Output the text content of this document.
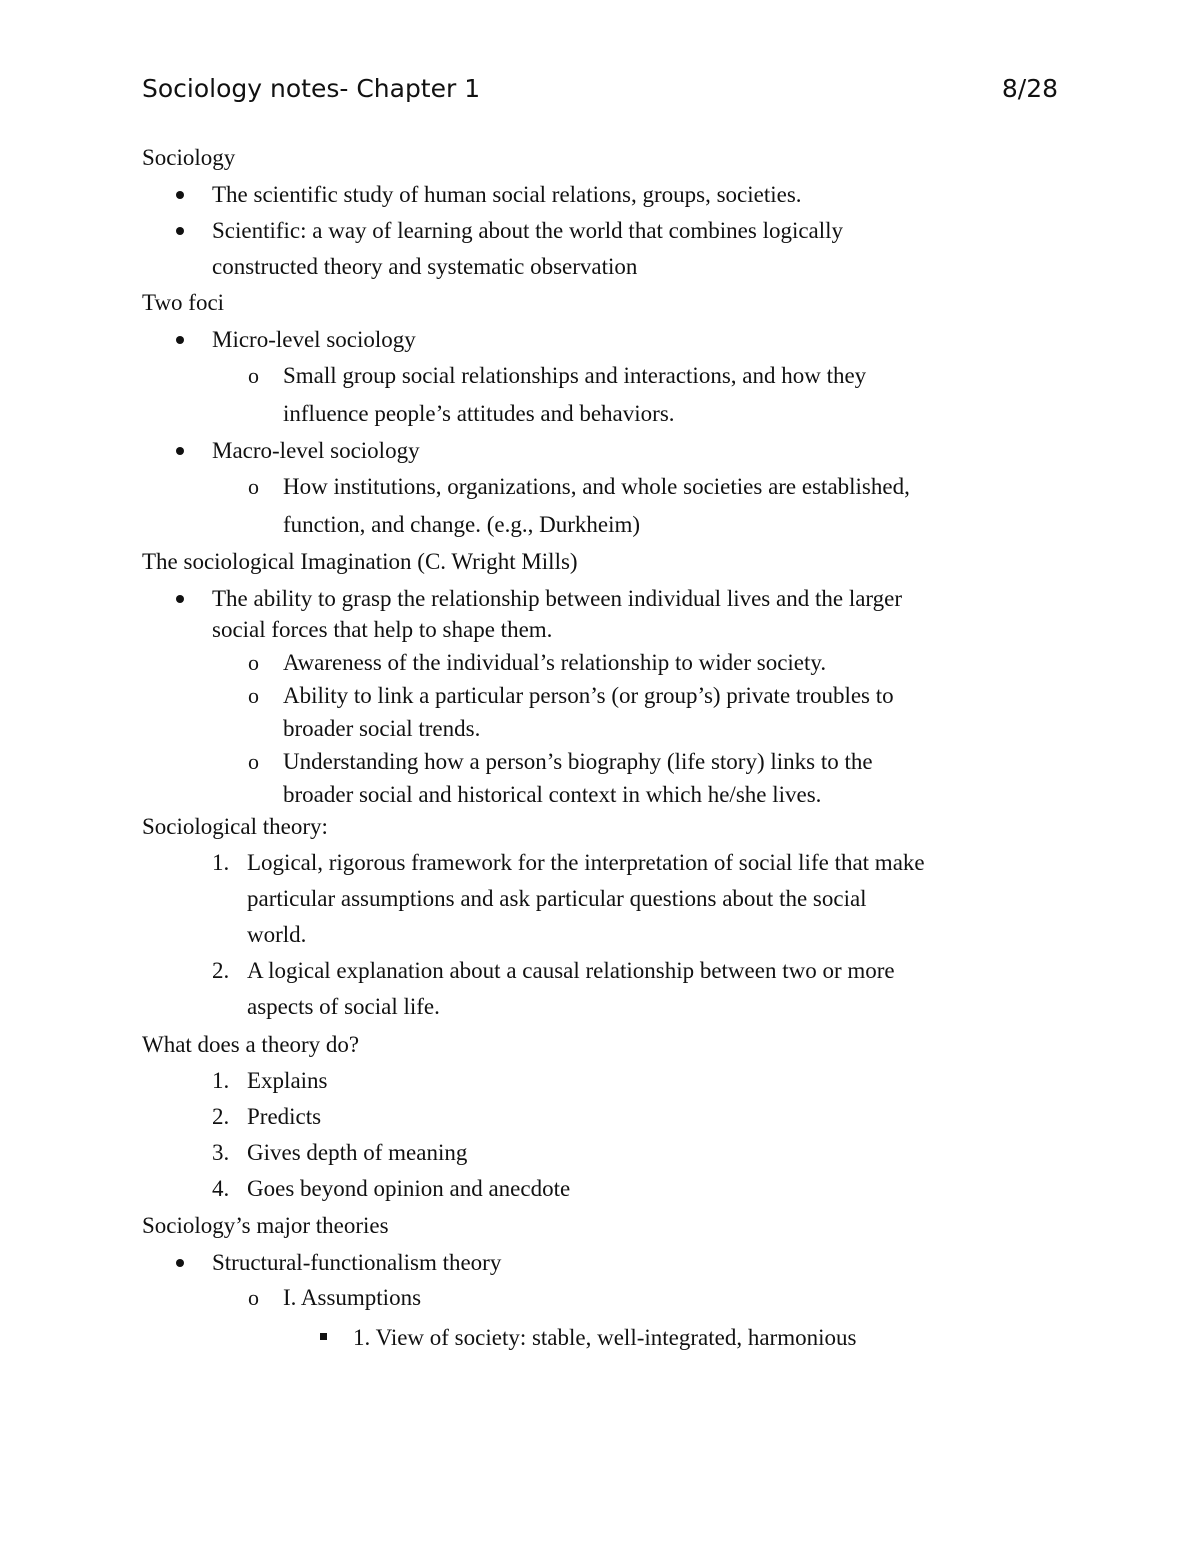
Sociology notes- Chapter 1	8/28
Sociology
The scientific study of human social relations, groups, societies.
Scientific: a way of learning about the world that combines logically
constructed theory and systematic observation
Two foci
Micro-level sociology
o Small group social relationships and interactions, and how they
influence people’s attitudes and behaviors.
Macro-level sociology
o How institutions, organizations, and whole societies are established,
function, and change. (e.g., Durkheim)
The sociological Imagination (C. Wright Mills)
The ability to grasp the relationship between individual lives and the larger
social forces that help to shape them.
o Awareness of the individual’s relationship to wider society.
o Ability to link a particular person’s (or group’s) private troubles to
broader social trends.
o Understanding how a person’s biography (life story) links to the
broader social and historical context in which he/she lives.
Sociological theory:
1. Logical, rigorous framework for the interpretation of social life that make
particular assumptions and ask particular questions about the social
world.
2. A logical explanation about a causal relationship between two or more
aspects of social life.
What does a theory do?
1. Explains
2. Predicts
3. Gives depth of meaning
4. Goes beyond opinion and anecdote
Sociology’s major theories
Structural-functionalism theory
o I. Assumptions
1. View of society: stable, well-integrated, harmonious
